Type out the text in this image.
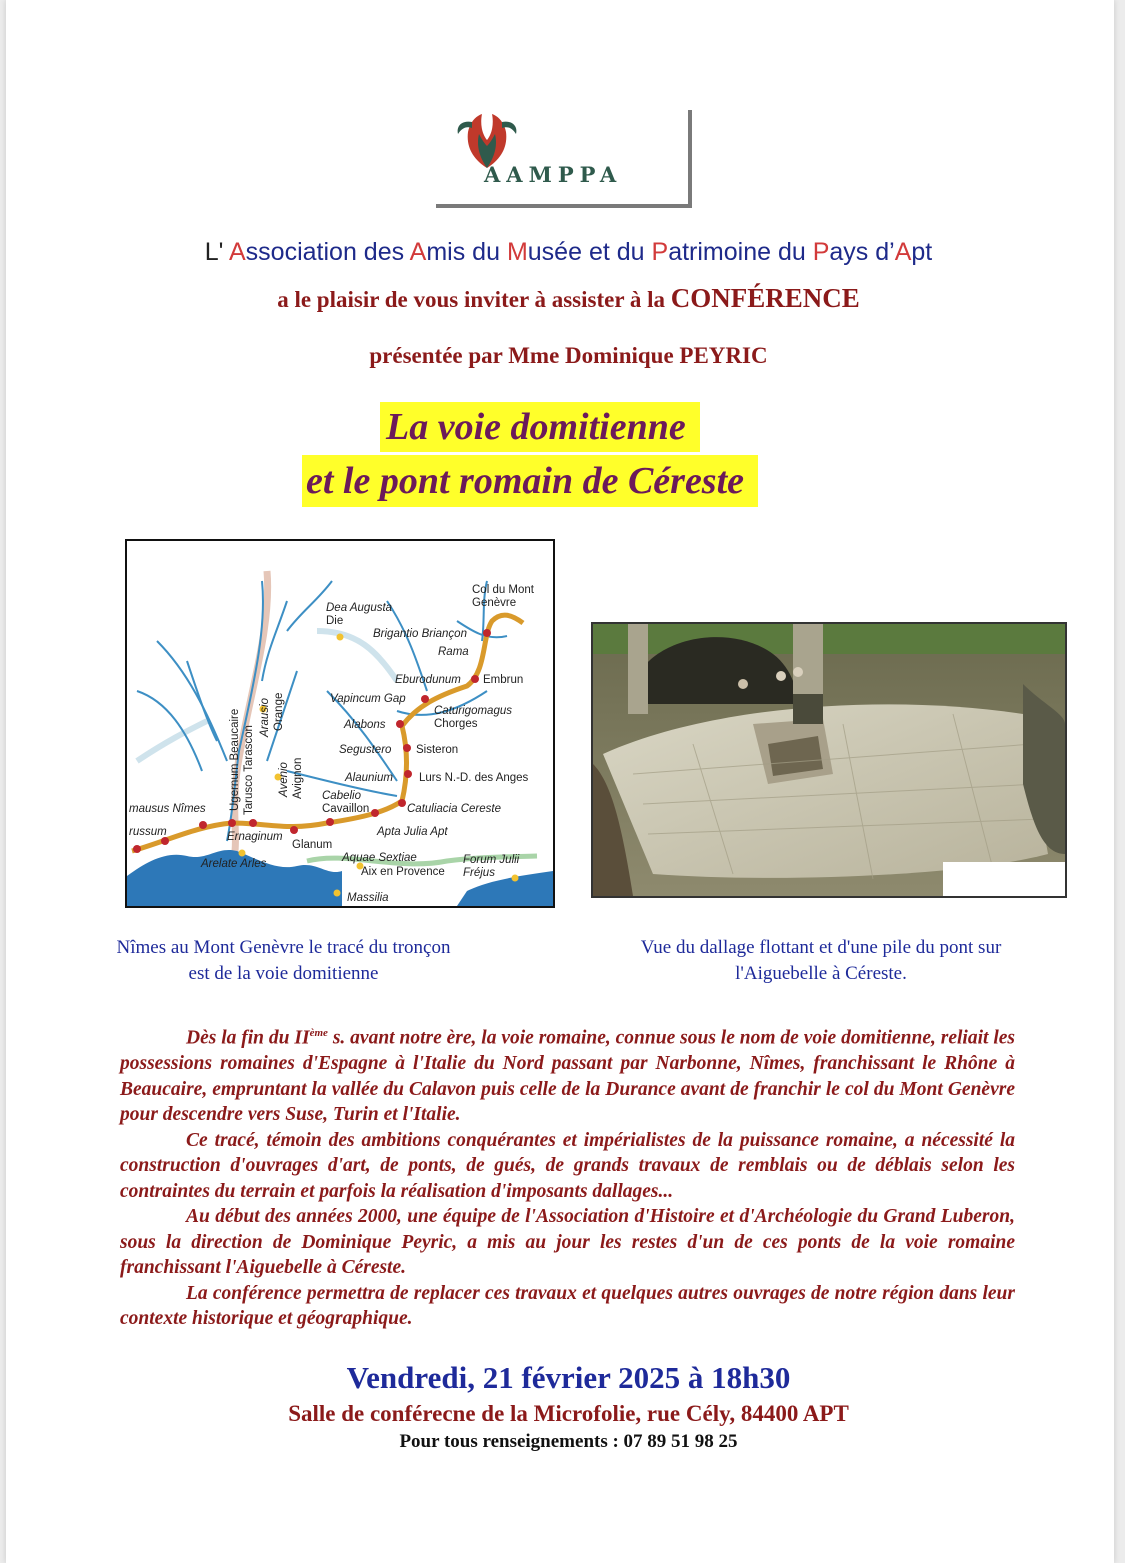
AAMPPA
L' Association des Amis du Musée et du Patrimoine du Pays d’Apt
a le plaisir de vous inviter à assister à la CONFÉRENCE
présentée par Mme Dominique PEYRIC
La voie domitienne
et le pont romain de Céreste
Col du Mont
Genèvre
Dea Augusta
Die
Brigantio Briançon
Rama
Eburodunum Embrun
Vapincum Gap
Caturigomagus
Chorges
Alabons
Segustero Sisteron
Alaunium Lurs N.-D. des Anges
Cabelio
Cavaillon	Catuliacia Cereste
Apta Julia Apt
mausus Nîmes
russum	Ernaginum
Glanum
Arelate Arles	Aquae Sextiae
Aix en Provence
Forum Julii
Fréjus
Massilia
Ugernum Beaucaire Tarusco Tarascon
Arausio Orange
Avenio Avignon
Nîmes au Mont Genèvre le tracé du tronçon est de la voie domitienne
Vue du dallage flottant et d'une pile du pont sur l'Aiguebelle à Céreste.

Dès la fin du IIème s. avant notre ère, la voie romaine, connue sous le nom de voie domitienne, reliait les possessions romaines d'Espagne à l'Italie du Nord passant par Narbonne, Nîmes, franchissant le Rhône à Beaucaire, empruntant la vallée du Calavon puis celle de la Durance avant de franchir le col du Mont Genèvre pour descendre vers Suse, Turin et l'Italie.

Ce tracé, témoin des ambitions conquérantes et impérialistes de la puissance romaine, a nécessité la construction d'ouvrages d'art, de ponts, de gués, de grands travaux de remblais ou de déblais selon les contraintes du terrain et parfois la réalisation d'imposants dallages...

Au début des années 2000, une équipe de l'Association d'Histoire et d'Archéologie du Grand Luberon, sous la direction de Dominique Peyric, a mis au jour les restes d'un de ces ponts de la voie romaine franchissant l'Aiguebelle à Céreste.

La conférence permettra de replacer ces travaux et quelques autres ouvrages de notre région dans leur contexte historique et géographique.

Vendredi, 21 février 2025 à 18h30
Salle de conférecne de la Microfolie, rue Cély, 84400 APT
Pour tous renseignements : 07 89 51 98 25
